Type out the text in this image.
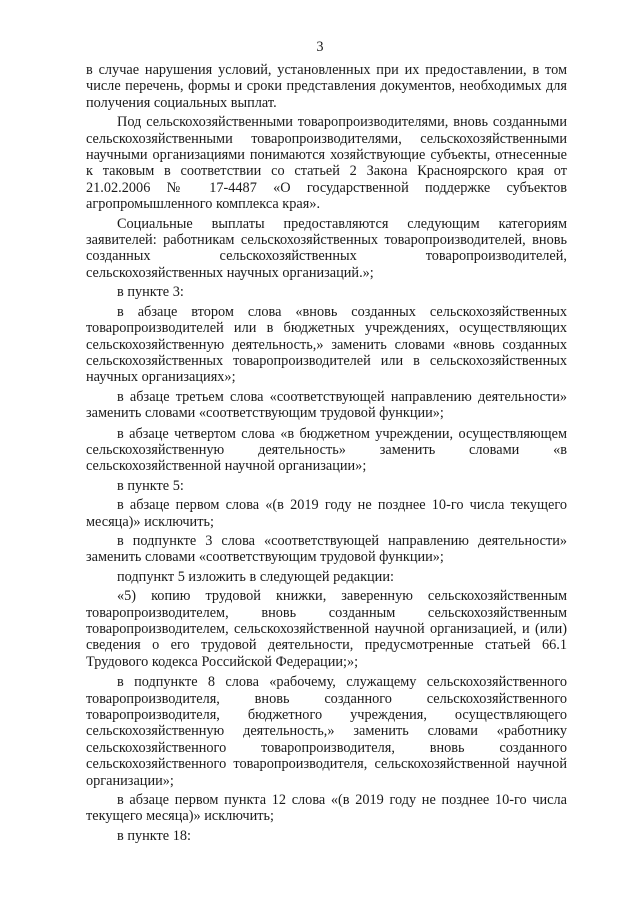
3

в случае нарушения условий, установленных при их предоставлении, в том числе перечень, формы и сроки представления документов, необходимых для получения социальных выплат.

Под сельскохозяйственными товаропроизводителями, вновь созданными сельскохозяйственными товаропроизводителями, сельскохозяйственными научными организациями понимаются хозяйствующие субъекты, отнесенные к таковым в соответствии со статьей 2 Закона Красноярского края от 21.02.2006 № 17-4487 «О государственной поддержке субъектов агропромышленного комплекса края».

Социальные выплаты предоставляются следующим категориям заявителей: работникам сельскохозяйственных товаропроизводителей, вновь созданных сельскохозяйственных товаропроизводителей, сельскохозяйственных научных организаций.»;

в пункте 3:

в абзаце втором слова «вновь созданных сельскохозяйственных товаропроизводителей или в бюджетных учреждениях, осуществляющих сельскохозяйственную деятельность,» заменить словами «вновь созданных сельскохозяйственных товаропроизводителей или в сельскохозяйственных научных организациях»;

в абзаце третьем слова «соответствующей направлению деятельности» заменить словами «соответствующим трудовой функции»;

в абзаце четвертом слова «в бюджетном учреждении, осуществляющем сельскохозяйственную деятельность» заменить словами «в сельскохозяйственной научной организации»;

в пункте 5:

в абзаце первом слова «(в 2019 году не позднее 10-го числа текущего месяца)» исключить;

в подпункте 3 слова «соответствующей направлению деятельности» заменить словами «соответствующим трудовой функции»;

подпункт 5 изложить в следующей редакции:

«5) копию трудовой книжки, заверенную сельскохозяйственным товаропроизводителем, вновь созданным сельскохозяйственным товаропроизводителем, сельскохозяйственной научной организацией, и (или) сведения о его трудовой деятельности, предусмотренные статьей 66.1 Трудового кодекса Российской Федерации;»;

в подпункте 8 слова «рабочему, служащему сельскохозяйственного товаропроизводителя, вновь созданного сельскохозяйственного товаропроизводителя, бюджетного учреждения, осуществляющего сельскохозяйственную деятельность,» заменить словами «работнику сельскохозяйственного товаропроизводителя, вновь созданного сельскохозяйственного товаропроизводителя, сельскохозяйственной научной организации»;

в абзаце первом пункта 12 слова «(в 2019 году не позднее 10-го числа текущего месяца)» исключить;

в пункте 18:
